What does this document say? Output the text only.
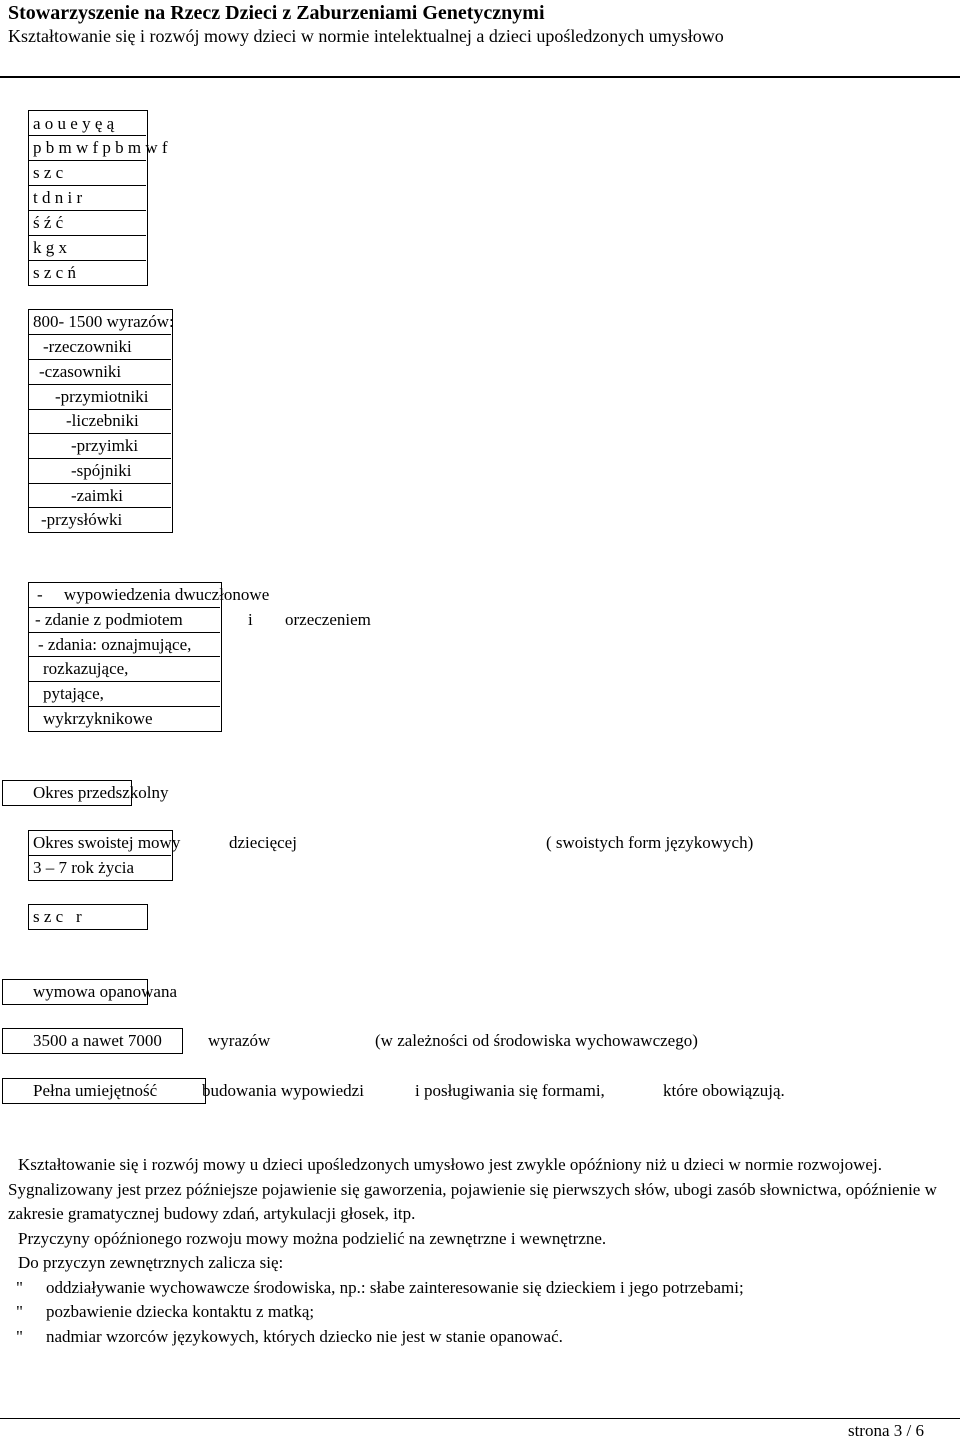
Stowarzyszenie na Rzecz Dzieci z Zaburzeniami Genetycznymi
Kształtowanie się i rozwój mowy dzieci w normie intelektualnej a dzieci upośledzonych umysłowo
a o u e y ę ą
p b m w f p b m w f
s z c
t d n i r
ś ź ć
k g x
s z c ń
800- 1500 wyrazów:
-rzeczowniki
-czasowniki
-przymiotniki
-liczebniki
-przyimki
-spójniki
-zaimki
-przysłówki
-     wypowiedzenia dwuczłonowe
- zdanie z podmiotem	i orzeczeniem
- zdania: oznajmujące,
rozkazujące,
pytające,
wykrzyknikowe
Okres przedszkolny
Okres swoistej mowy	dziecięcej	( swoistych form językowych)
3 – 7 rok życia
s z c   r
wymowa opanowana
3500 a nawet 7000	wyrazów	(w zależności od środowiska wychowawczego)
Pełna umiejętność	budowania wypowiedzi	i posługiwania się formami,	które obowiązują.

Kształtowanie się i rozwój mowy u dzieci upośledzonych umysłowo jest zwykle opóźniony niż u dzieci w normie rozwojowej. Sygnalizowany jest przez późniejsze pojawienie się gaworzenia, pojawienie się pierwszych słów, ubogi zasób słownictwa, opóźnienie w zakresie gramatycznej budowy zdań, artykulacji głosek, itp.

Przyczyny opóźnionego rozwoju mowy można podzielić na zewnętrzne i wewnętrzne.

Do przyczyn zewnętrznych zalicza się:

" oddziaływanie wychowawcze środowiska, np.: słabe zainteresowanie się dzieckiem i jego potrzebami;

" pozbawienie dziecka kontaktu z matką;

" nadmiar wzorców językowych, których dziecko nie jest w stanie opanować.

strona 3 / 6
